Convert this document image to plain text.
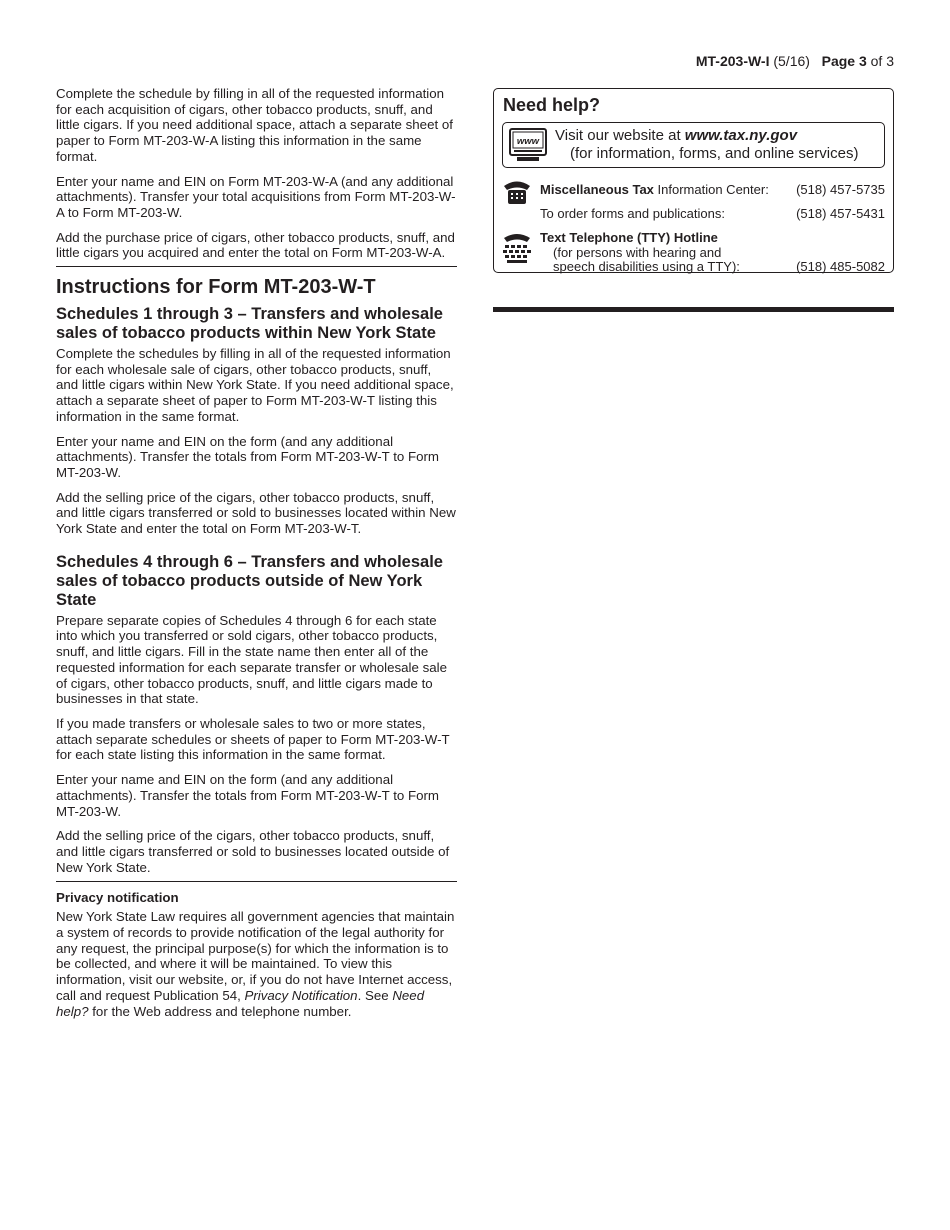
MT-203-W-I (5/16) Page 3 of 3

Complete the schedule by filling in all of the requested information for each acquisition of cigars, other tobacco products, snuff, and little cigars. If you need additional space, attach a separate sheet of paper to Form MT-203-W-A listing this information in the same format.

Enter your name and EIN on Form MT-203-W-A (and any additional attachments). Transfer your total acquisitions from Form MT-203-W-A to Form MT-203-W.

Add the purchase price of cigars, other tobacco products, snuff, and little cigars you acquired and enter the total on Form MT-203-W-A.

Instructions for Form MT-203-W-T
Schedules 1 through 3 – Transfers and wholesale sales of tobacco products within New York State

Complete the schedules by filling in all of the requested information for each wholesale sale of cigars, other tobacco products, snuff, and little cigars within New York State. If you need additional space, attach a separate sheet of paper to Form MT-203-W-T listing this information in the same format.

Enter your name and EIN on the form (and any additional attachments). Transfer the totals from Form MT-203-W-T to Form MT-203-W.

Add the selling price of the cigars, other tobacco products, snuff, and little cigars transferred or sold to businesses located within New York State and enter the total on Form MT-203-W-T.

Schedules 4 through 6 – Transfers and wholesale sales of tobacco products outside of New York State

Prepare separate copies of Schedules 4 through 6 for each state into which you transferred or sold cigars, other tobacco products, snuff, and little cigars. Fill in the state name then enter all of the requested information for each separate transfer or wholesale sale of cigars, other tobacco products, snuff, and little cigars made to businesses in that state.

If you made transfers or wholesale sales to two or more states, attach separate schedules or sheets of paper to Form MT-203-W-T for each state listing this information in the same format.

Enter your name and EIN on the form (and any additional attachments). Transfer the totals from Form MT-203-W-T to Form MT-203-W.

Add the selling price of the cigars, other tobacco products, snuff, and little cigars transferred or sold to businesses located outside of New York State.

Privacy notification

New York State Law requires all government agencies that maintain a system of records to provide notification of the legal authority for any request, the principal purpose(s) for which the information is to be collected, and where it will be maintained. To view this information, visit our website, or, if you do not have Internet access, call and request Publication 54, Privacy Notification. See Need help? for the Web address and telephone number.

Need help?
www Visit our website at www.tax.ny.gov
(for information, forms, and online services)
Miscellaneous Tax Information Center: (518) 457-5735
To order forms and publications:	(518) 457-5431
Text Telephone (TTY) Hotline
(for persons with hearing and
speech disabilities using a TTY):	(518) 485-5082
